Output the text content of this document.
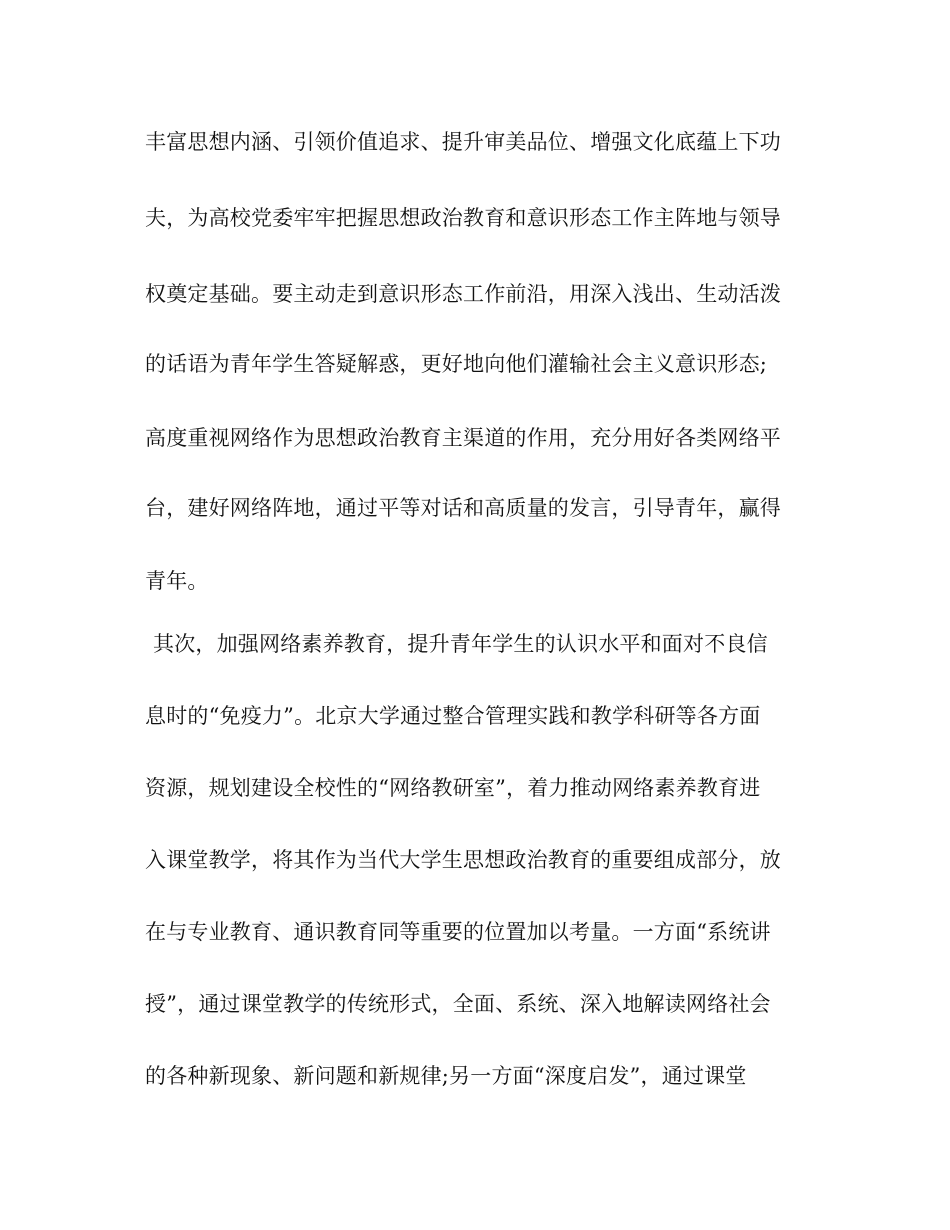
丰富思想内涵、引领价值追求、提升审美品位、增强文化底蕴上下功
夫，为高校党委牢牢把握思想政治教育和意识形态工作主阵地与领导
权奠定基础。要主动走到意识形态工作前沿，用深入浅出、生动活泼
的话语为青年学生答疑解惑，更好地向他们灌输社会主义意识形态;
高度重视网络作为思想政治教育主渠道的作用，充分用好各类网络平
台，建好网络阵地，通过平等对话和高质量的发言，引导青年，赢得
青年。
其次，加强网络素养教育，提升青年学生的认识水平和面对不良信
息时的“免疫力”。北京大学通过整合管理实践和教学科研等各方面
资源，规划建设全校性的“网络教研室”，着力推动网络素养教育进
入课堂教学，将其作为当代大学生思想政治教育的重要组成部分，放
在与专业教育、通识教育同等重要的位置加以考量。一方面“系统讲
授”，通过课堂教学的传统形式，全面、系统、深入地解读网络社会
的各种新现象、新问题和新规律;另一方面“深度启发”，通过课堂
